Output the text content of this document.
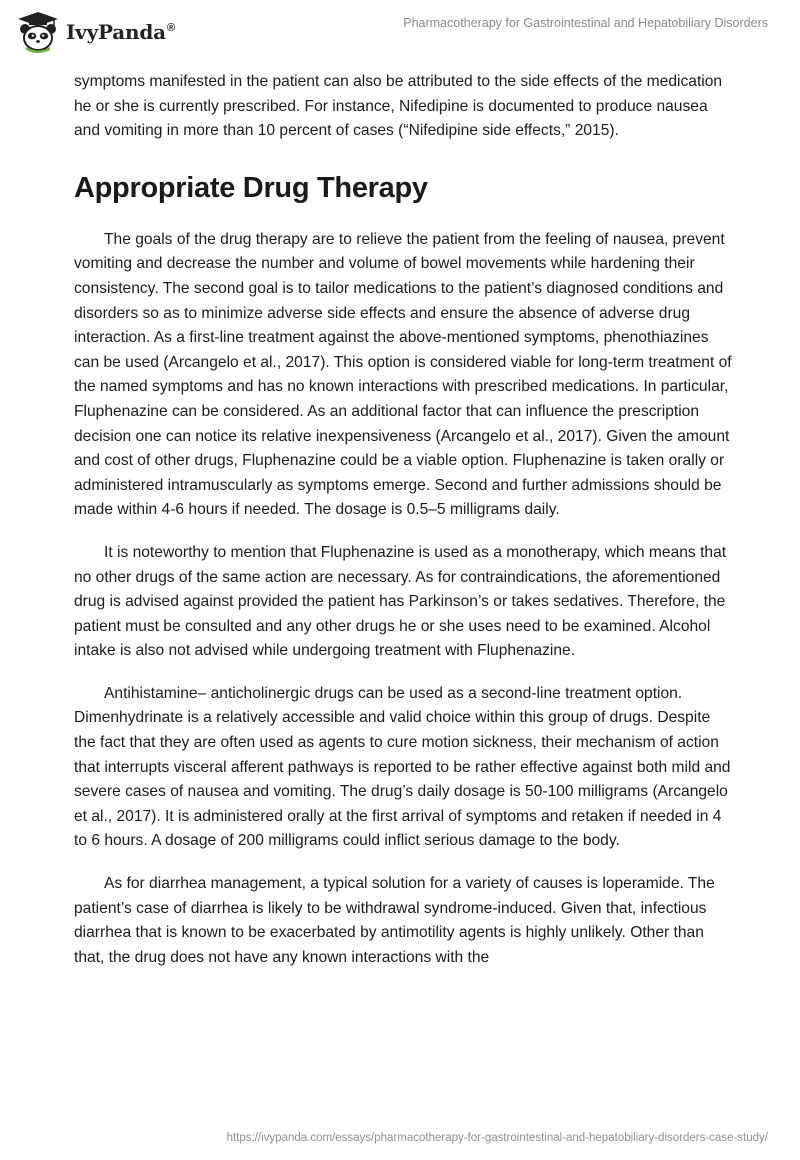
IvyPanda®	Pharmacotherapy for Gastrointestinal and Hepatobiliary Disorders

symptoms manifested in the patient can also be attributed to the side effects of the medication he or she is currently prescribed. For instance, Nifedipine is documented to produce nausea and vomiting in more than 10 percent of cases (“Nifedipine side effects,” 2015).

Appropriate Drug Therapy

The goals of the drug therapy are to relieve the patient from the feeling of nausea, prevent vomiting and decrease the number and volume of bowel movements while hardening their consistency. The second goal is to tailor medications to the patient’s diagnosed conditions and disorders so as to minimize adverse side effects and ensure the absence of adverse drug interaction. As a first-line treatment against the above-mentioned symptoms, phenothiazines can be used (Arcangelo et al., 2017). This option is considered viable for long-term treatment of the named symptoms and has no known interactions with prescribed medications. In particular, Fluphenazine can be considered. As an additional factor that can influence the prescription decision one can notice its relative inexpensiveness (Arcangelo et al., 2017). Given the amount and cost of other drugs, Fluphenazine could be a viable option. Fluphenazine is taken orally or administered intramuscularly as symptoms emerge. Second and further admissions should be made within 4-6 hours if needed. The dosage is 0.5–5 milligrams daily.

It is noteworthy to mention that Fluphenazine is used as a monotherapy, which means that no other drugs of the same action are necessary. As for contraindications, the aforementioned drug is advised against provided the patient has Parkinson’s or takes sedatives. Therefore, the patient must be consulted and any other drugs he or she uses need to be examined. Alcohol intake is also not advised while undergoing treatment with Fluphenazine.

Antihistamine– anticholinergic drugs can be used as a second-line treatment option. Dimenhydrinate is a relatively accessible and valid choice within this group of drugs. Despite the fact that they are often used as agents to cure motion sickness, their mechanism of action that interrupts visceral afferent pathways is reported to be rather effective against both mild and severe cases of nausea and vomiting. The drug’s daily dosage is 50-100 milligrams (Arcangelo et al., 2017). It is administered orally at the first arrival of symptoms and retaken if needed in 4 to 6 hours. A dosage of 200 milligrams could inflict serious damage to the body.

As for diarrhea management, a typical solution for a variety of causes is loperamide. The patient’s case of diarrhea is likely to be withdrawal syndrome-induced. Given that, infectious diarrhea that is known to be exacerbated by antimotility agents is highly unlikely. Other than that, the drug does not have any known interactions with the

https://ivypanda.com/essays/pharmacotherapy-for-gastrointestinal-and-hepatobiliary-disorders-case-study/
